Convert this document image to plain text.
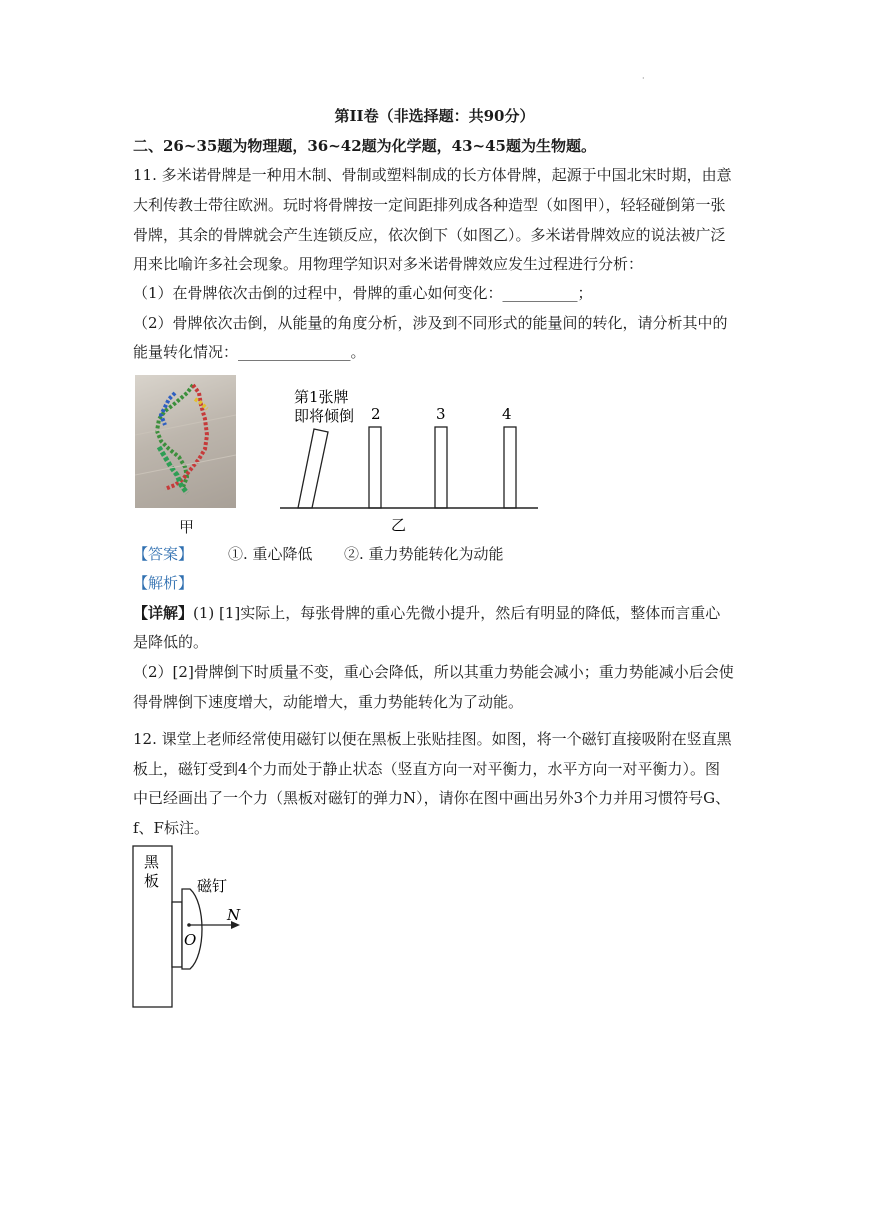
·
第II卷（非选择题：共90分）
二、26~35题为物理题，36~42题为化学题，43~45题为生物题。
11. 多米诺骨牌是一种用木制、骨制或塑料制成的长方体骨牌，起源于中国北宋时期，由意
大利传教士带往欧洲。玩时将骨牌按一定间距排列成各种造型（如图甲），轻轻碰倒第一张
骨牌，其余的骨牌就会产生连锁反应，依次倒下（如图乙）。多米诺骨牌效应的说法被广泛
用来比喻许多社会现象。用物理学知识对多米诺骨牌效应发生过程进行分析：
（1）在骨牌依次击倒的过程中，骨牌的重心如何变化：__________；
（2）骨牌依次击倒，从能量的角度分析，涉及到不同形式的能量间的转化，请分析其中的
能量转化情况：_______________。
甲
第1张牌
即将倾倒 2	3	4
乙
【答案】 ①. 重心降低 ②. 重力势能转化为动能
【解析】
【详解】(1) [1]实际上，每张骨牌的重心先微小提升，然后有明显的降低，整体而言重心
是降低的。
（2）[2]骨牌倒下时质量不变，重心会降低，所以其重力势能会减小；重力势能减小后会使
得骨牌倒下速度增大，动能增大，重力势能转化为了动能。
12. 课堂上老师经常使用磁钉以便在黑板上张贴挂图。如图，将一个磁钉直接吸附在竖直黑
板上，磁钉受到4个力而处于静止状态（竖直方向一对平衡力，水平方向一对平衡力）。图
中已经画出了一个力（黑板对磁钉的弹力N），请你在图中画出另外3个力并用习惯符号G、
f、F标注。
黑
板	磁钉
N
O
